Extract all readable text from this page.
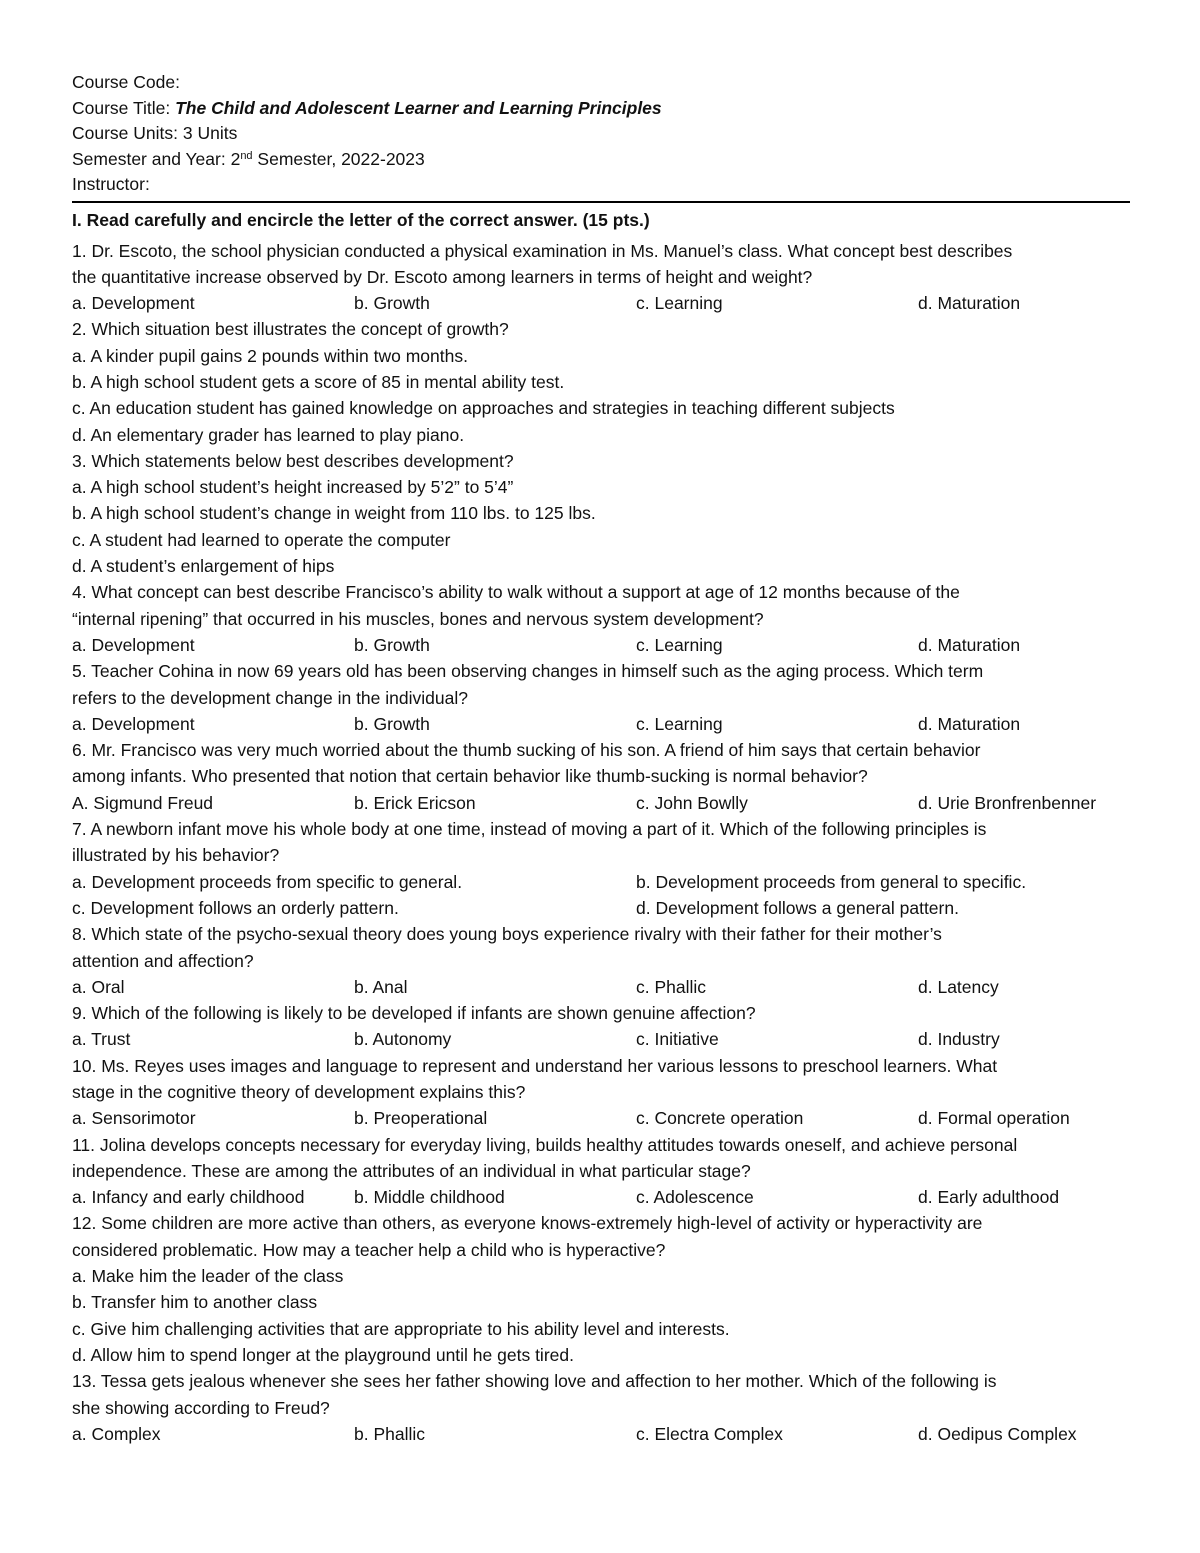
Course Code:
Course Title: The Child and Adolescent Learner and Learning Principles
Course Units: 3 Units
Semester and Year: 2nd Semester, 2022-2023
Instructor:
I. Read carefully and encircle the letter of the correct answer. (15 pts.)
1. Dr. Escoto, the school physician conducted a physical examination in Ms. Manuel’s class. What concept best describes
the quantitative increase observed by Dr. Escoto among learners in terms of height and weight?
a. Development	b. Growth	c. Learning	d. Maturation
2. Which situation best illustrates the concept of growth?
a. A kinder pupil gains 2 pounds within two months.
b. A high school student gets a score of 85 in mental ability test.
c. An education student has gained knowledge on approaches and strategies in teaching different subjects
d. An elementary grader has learned to play piano.
3. Which statements below best describes development?
a. A high school student’s height increased by 5’2” to 5’4”
b. A high school student’s change in weight from 110 lbs. to 125 lbs.
c. A student had learned to operate the computer
d. A student’s enlargement of hips
4. What concept can best describe Francisco’s ability to walk without a support at age of 12 months because of the
“internal ripening” that occurred in his muscles, bones and nervous system development?
a. Development	b. Growth	c. Learning	d. Maturation
5. Teacher Cohina in now 69 years old has been observing changes in himself such as the aging process. Which term
refers to the development change in the individual?
a. Development	b. Growth	c. Learning	d. Maturation
6. Mr. Francisco was very much worried about the thumb sucking of his son. A friend of him says that certain behavior
among infants. Who presented that notion that certain behavior like thumb-sucking is normal behavior?
A. Sigmund Freud	b. Erick Ericson	c. John Bowlly	d. Urie Bronfrenbenner
7. A newborn infant move his whole body at one time, instead of moving a part of it. Which of the following principles is
illustrated by his behavior?
a. Development proceeds from specific to general.	b. Development proceeds from general to specific.
c. Development follows an orderly pattern.	d. Development follows a general pattern.
8. Which state of the psycho-sexual theory does young boys experience rivalry with their father for their mother’s
attention and affection?
a. Oral	b. Anal	c. Phallic	d. Latency
9. Which of the following is likely to be developed if infants are shown genuine affection?
a. Trust	b. Autonomy	c. Initiative	d. Industry
10. Ms. Reyes uses images and language to represent and understand her various lessons to preschool learners. What
stage in the cognitive theory of development explains this?
a. Sensorimotor	b. Preoperational	c. Concrete operation	d. Formal operation
11. Jolina develops concepts necessary for everyday living, builds healthy attitudes towards oneself, and achieve personal
independence. These are among the attributes of an individual in what particular stage?
a. Infancy and early childhood	b. Middle childhood	c. Adolescence	d. Early adulthood
12. Some children are more active than others, as everyone knows-extremely high-level of activity or hyperactivity are
considered problematic. How may a teacher help a child who is hyperactive?
a. Make him the leader of the class
b. Transfer him to another class
c. Give him challenging activities that are appropriate to his ability level and interests.
d. Allow him to spend longer at the playground until he gets tired.
13. Tessa gets jealous whenever she sees her father showing love and affection to her mother. Which of the following is
she showing according to Freud?
a. Complex	b. Phallic	c. Electra Complex	d. Oedipus Complex
